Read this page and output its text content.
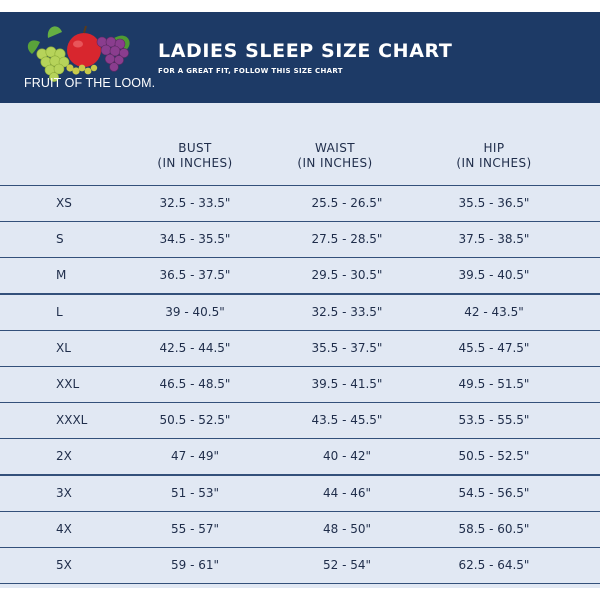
FRUIT OF THE LOOM.
LADIES SLEEP SIZE CHART
FOR A GREAT FIT, FOLLOW THIS SIZE CHART
BUST
(IN INCHES)
WAIST
(IN INCHES)
HIP
(IN INCHES)
XS	32.5 - 33.5"	25.5 - 26.5"	35.5 - 36.5"
S	34.5 - 35.5"	27.5 - 28.5"	37.5 - 38.5"
M	36.5 - 37.5"	29.5 - 30.5"	39.5 - 40.5"
L	39 - 40.5"	32.5 - 33.5"	42 - 43.5"
XL	42.5 - 44.5"	35.5 - 37.5"	45.5 - 47.5"
XXL	46.5 - 48.5"	39.5 - 41.5"	49.5 - 51.5"
XXXL	50.5 - 52.5"	43.5 - 45.5"	53.5 - 55.5"
2X	47 - 49"	40 - 42"	50.5 - 52.5"
3X	51 - 53"	44 - 46"	54.5 - 56.5"
4X	55 - 57"	48 - 50"	58.5 - 60.5"
5X	59 - 61"	52 - 54"	62.5 - 64.5"
